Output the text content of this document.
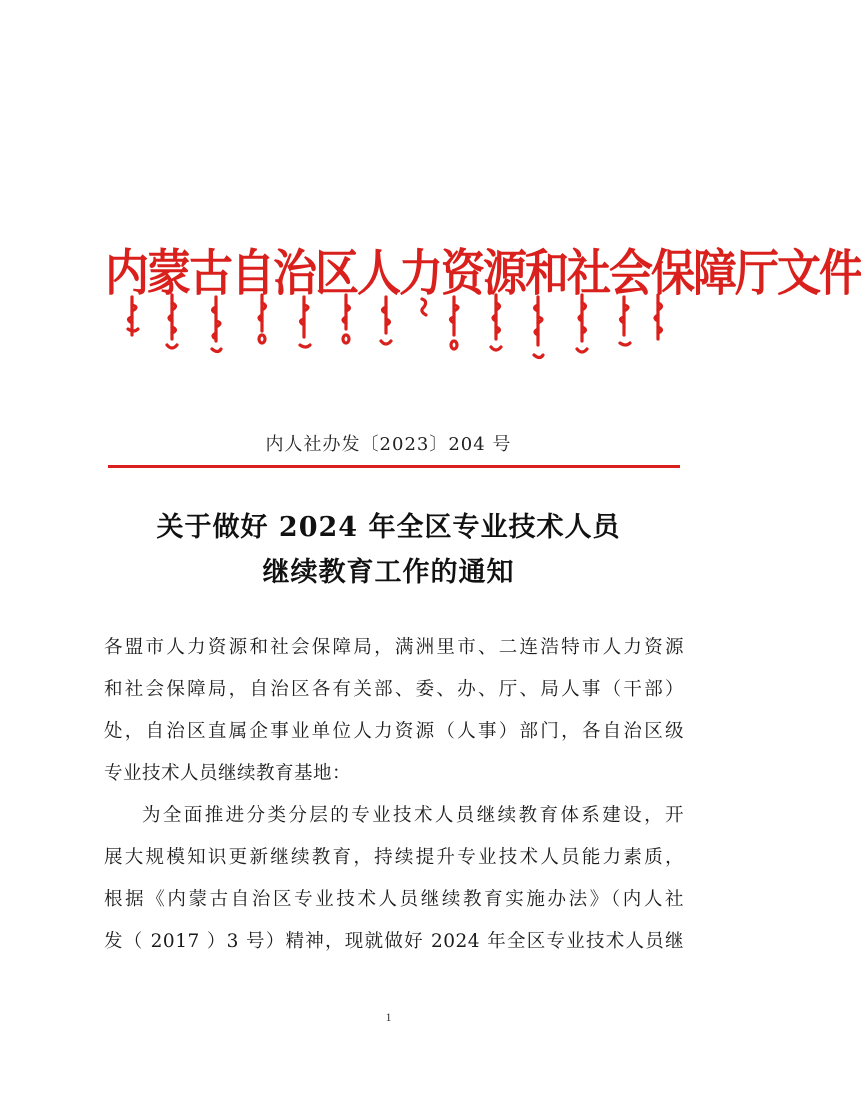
内蒙古自治区人力资源和社会保障厅文件
内人社办发〔2023〕204 号
关于做好 2024 年全区专业技术人员
继续教育工作的通知
各盟市人力资源和社会保障局，满洲里市、二连浩特市人力资源
和社会保障局，自治区各有关部、委、办、厅、局人事（干部）
处，自治区直属企事业单位人力资源（人事）部门，各自治区级
专业技术人员继续教育基地：
为全面推进分类分层的专业技术人员继续教育体系建设，开
展大规模知识更新继续教育，持续提升专业技术人员能力素质，
根据《内蒙古自治区专业技术人员继续教育实施办法》（内人社
发（ 2017 ）3 号）精神，现就做好 2024 年全区专业技术人员继
1
